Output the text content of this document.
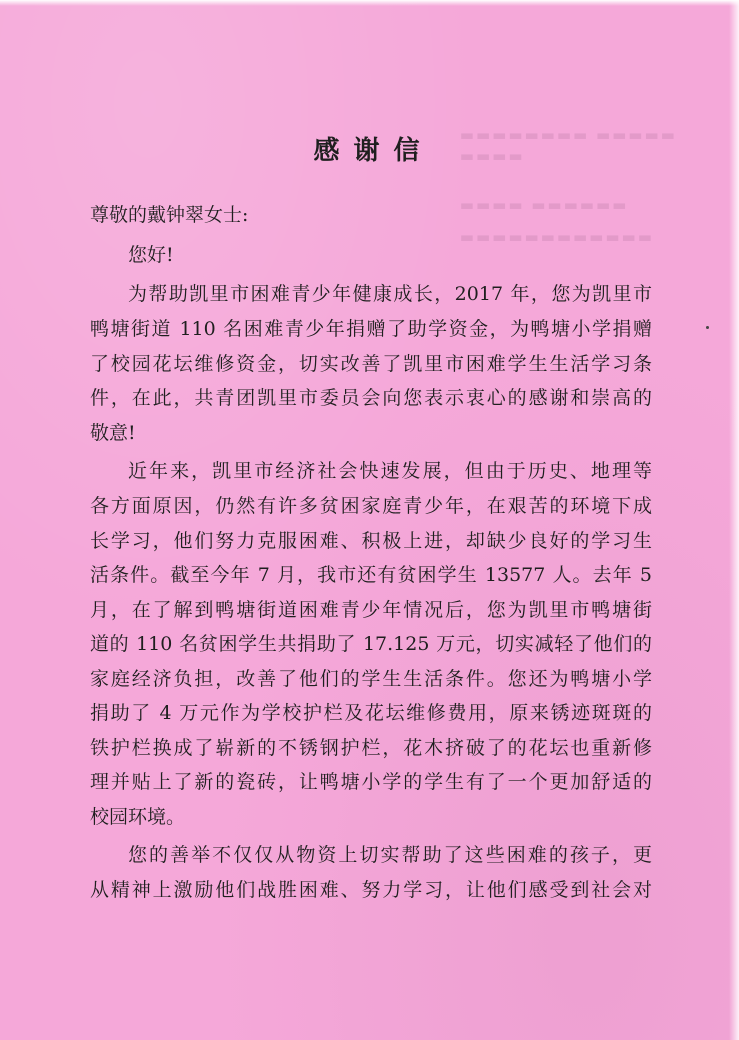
▬▬▬▬▬ ▬▬▬▬▬▬▬▬
▬▬▬▬
▬▬▬▬▬▬ ▬▬▬▬
▬▬▬▬▬▬▬▬▬▬▬▬
感谢信
尊敬的戴钟翠女士:
您好!
为帮助凯里市困难青少年健康成长，2017 年，您为凯里市
鸭塘街道 110 名困难青少年捐赠了助学资金，为鸭塘小学捐赠
了校园花坛维修资金，切实改善了凯里市困难学生生活学习条
件，在此，共青团凯里市委员会向您表示衷心的感谢和崇高的
敬意!
近年来，凯里市经济社会快速发展，但由于历史、地理等
各方面原因，仍然有许多贫困家庭青少年，在艰苦的环境下成
长学习，他们努力克服困难、积极上进，却缺少良好的学习生
活条件。截至今年 7 月，我市还有贫困学生 13577 人。去年 5
月，在了解到鸭塘街道困难青少年情况后，您为凯里市鸭塘街
道的 110 名贫困学生共捐助了 17.125 万元，切实减轻了他们的
家庭经济负担，改善了他们的学生生活条件。您还为鸭塘小学
捐助了 4 万元作为学校护栏及花坛维修费用，原来锈迹斑斑的
铁护栏换成了崭新的不锈钢护栏，花木挤破了的花坛也重新修
理并贴上了新的瓷砖，让鸭塘小学的学生有了一个更加舒适的
校园环境。
您的善举不仅仅从物资上切实帮助了这些困难的孩子，更
从精神上激励他们战胜困难、努力学习，让他们感受到社会对
